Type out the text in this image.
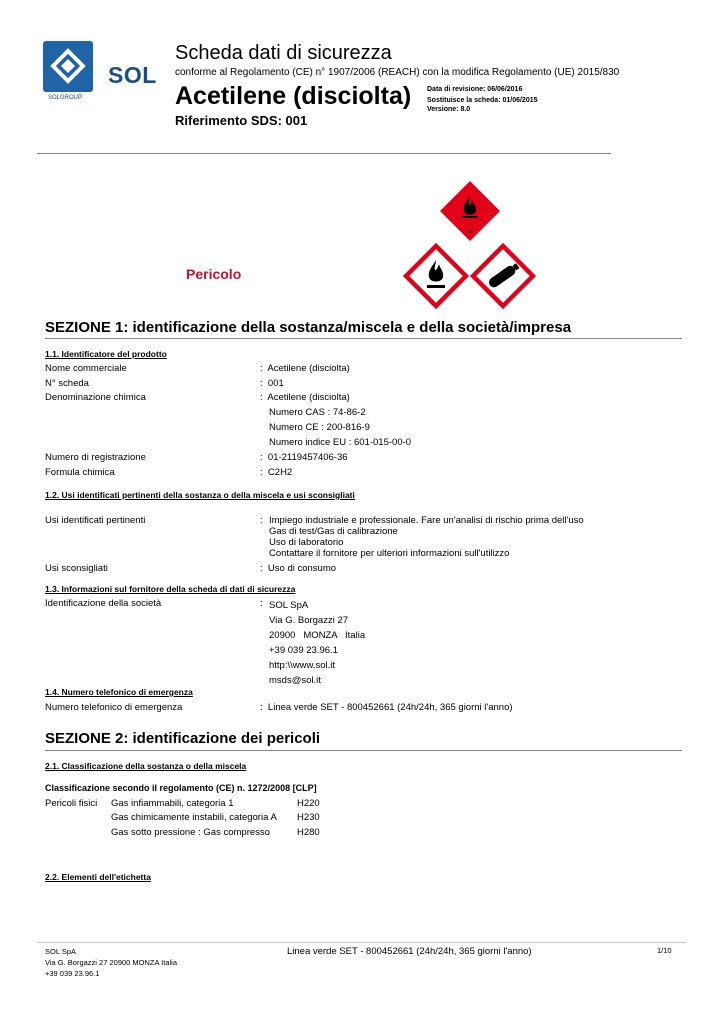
SOL
SOLGROUP
Scheda dati di sicurezza
conforme al Regolamento (CE) n° 1907/2006 (REACH) con la modifica Regolamento (UE) 2015/830
Acetilene (disciolta)
Riferimento SDS: 001
Data di revisione: 06/06/2016
Sostituisce la scheda: 01/06/2015
Versione: 8.0
Pericolo
2
SEZIONE 1: identificazione della sostanza/miscela e della società/impresa
1.1. Identificatore del prodotto
Nome commerciale	:  Acetilene (disciolta)
N° scheda	:  001
Denominazione chimica	:  Acetilene (disciolta)
Numero CAS : 74-86-2
Numero CE : 200-816-9
Numero indice EU : 601-015-00-0
Numero di registrazione	:  01-2119457406-36
Formula chimica	:  C2H2
1.2. Usi identificati pertinenti della sostanza o della miscela e usi sconsigliati
Usi identificati pertinenti	: Impiego industriale e professionale. Fare un'analisi di rischio prima dell'uso
Gas di test/Gas di calibrazione
Uso di laboratorio
Contattare il fornitore per ulteriori informazioni sull'utilizzo
Usi sconsigliati	:  Uso di consumo
1.3. Informazioni sul fornitore della scheda di dati di sicurezza
Identificazione della società	: SOL SpA
Via G. Borgazzi 27
20900   MONZA   Italia
+39 039 23.96.1
http:\\www.sol.it
msds@sol.it
1.4. Numero telefonico di emergenza
Numero telefonico di emergenza	:  Linea verde SET - 800452661 (24h/24h, 365 giorni l'anno)
SEZIONE 2: identificazione dei pericoli
2.1. Classificazione della sostanza o della miscela
Classificazione secondo il regolamento (CE) n. 1272/2008 [CLP]
Pericoli fisici Gas infiammabili, categoria 1	H220
Gas chimicamente instabili, categoria A H230
Gas sotto pressione : Gas compresso	H280
2.2. Elementi dell'etichetta
SOL SpA
Via G. Borgazzi 27 20900 MONZA Italia
+39 039 23.96.1
Linea verde SET - 800452661 (24h/24h, 365 giorni l'anno)	1/10
